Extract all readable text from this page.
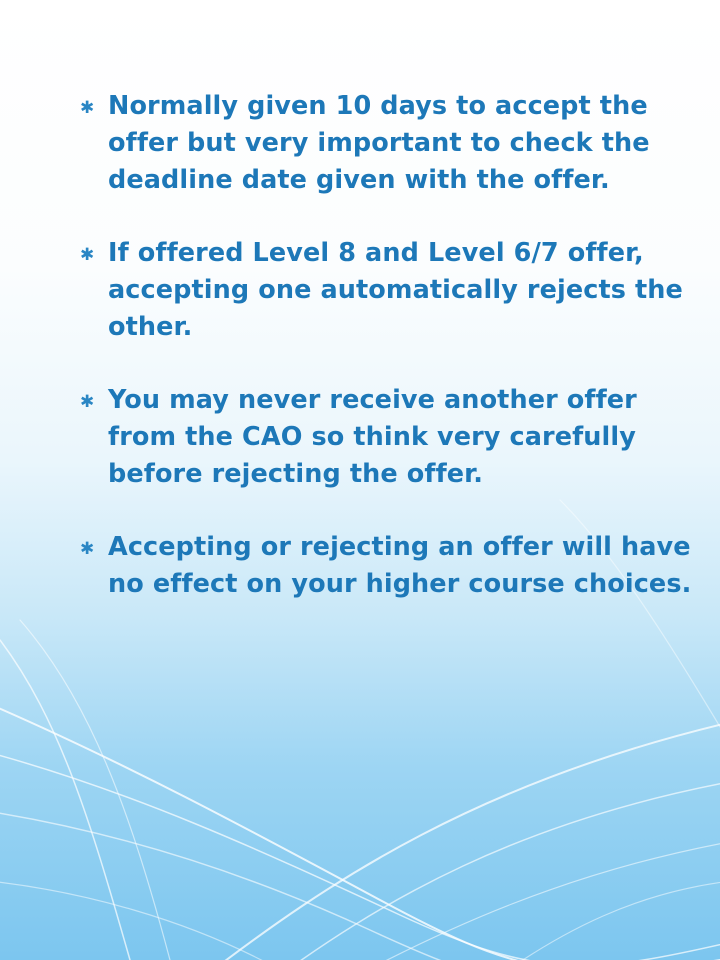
✱ Normally given 10 days to accept the offer but very important to check the deadline date given with the offer.
✱ If offered Level 8 and Level 6/7 offer, accepting one automatically rejects the other.
✱ You may never receive another offer from the CAO so think very carefully before rejecting the offer.
✱ Accepting or rejecting an offer will have no effect on your higher course choices.
